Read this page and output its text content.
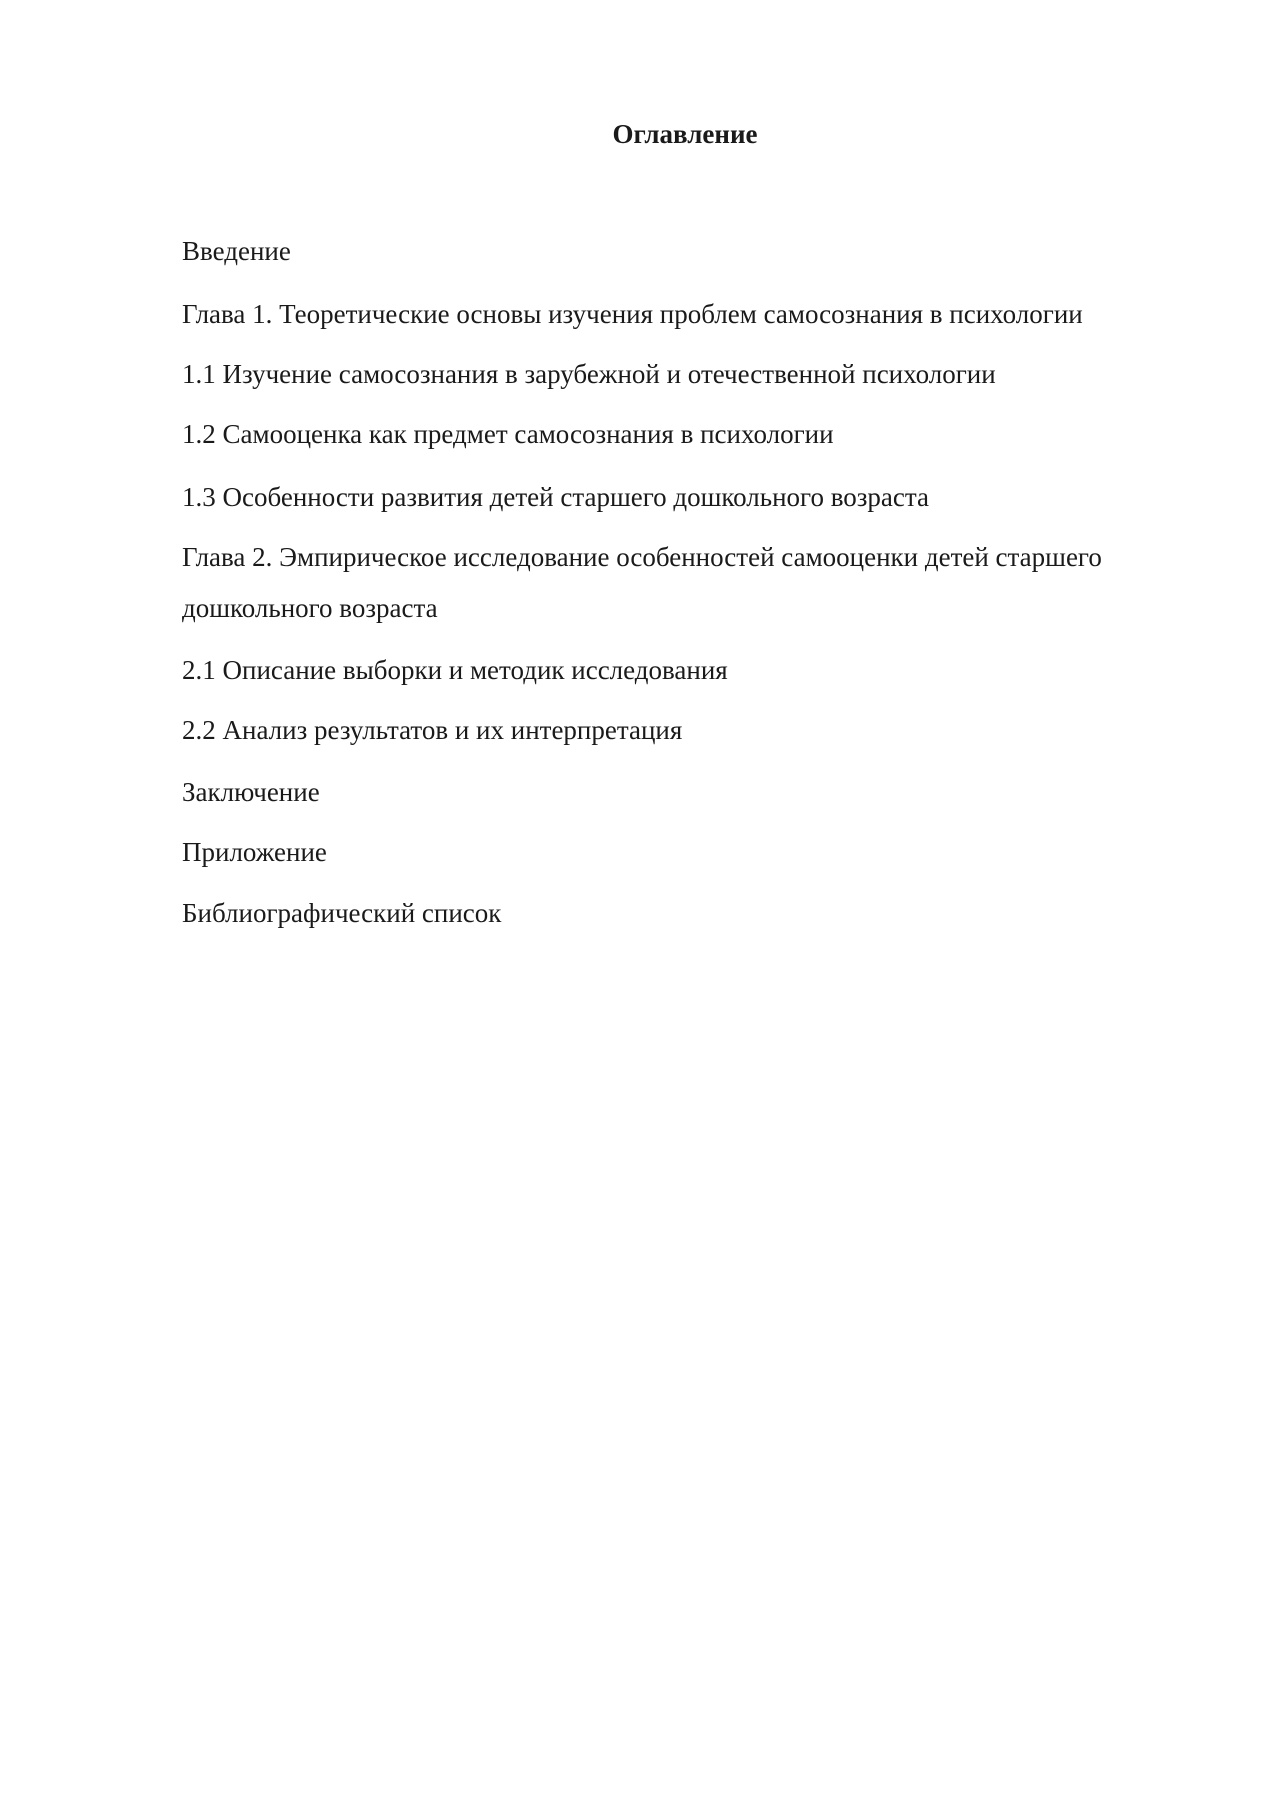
Оглавление
Введение
Глава 1. Теоретические основы изучения проблем самосознания в психологии
1.1 Изучение самосознания в зарубежной и отечественной психологии
1.2 Самооценка как предмет самосознания в психологии
1.3 Особенности развития детей старшего дошкольного возраста
Глава 2. Эмпирическое исследование особенностей самооценки детей старшего дошкольного возраста
2.1 Описание выборки и методик исследования
2.2 Анализ результатов и их интерпретация
Заключение
Приложение
Библиографический список
